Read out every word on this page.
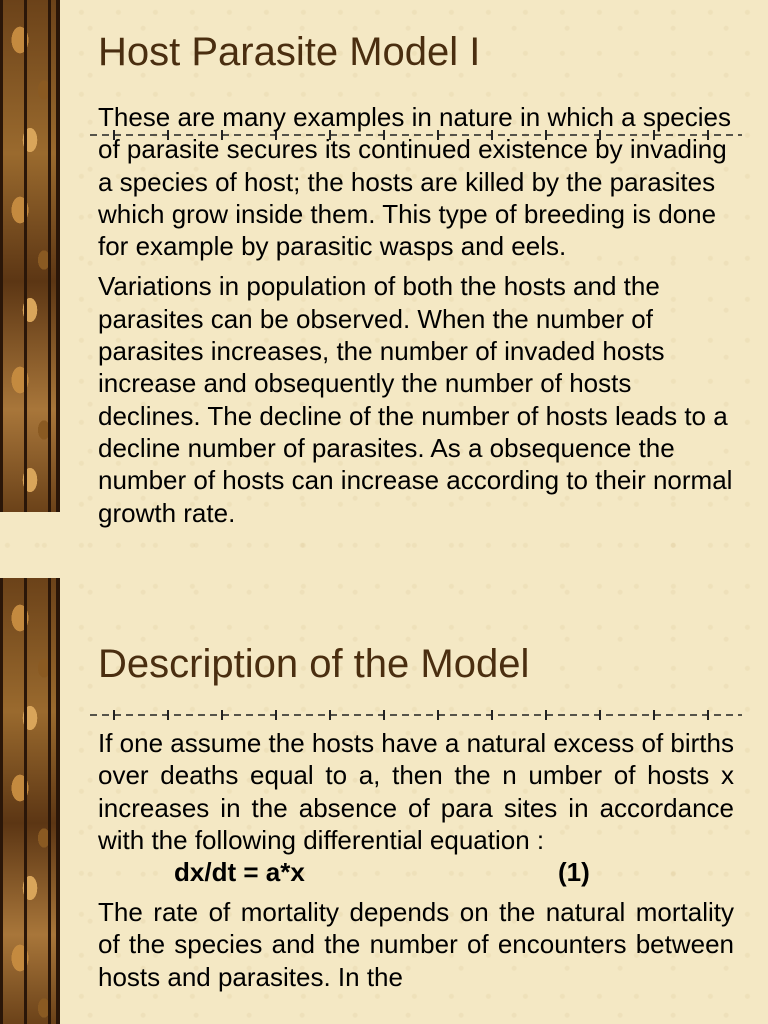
Host Parasite Model I

These are many examples in nature in which a species of parasite secures its continued existence by invading a species of host; the hosts are killed by the parasites which grow inside them. This type of breeding is done for example by parasitic wasps and eels.

Variations in population of both the hosts and the parasites can be observed. When the number of parasites increases, the number of invaded hosts increase and obsequently the number of hosts declines. The decline of the number of hosts leads to a decline number of parasites. As a obsequence the number of hosts can increase according to their normal growth rate.

Description of the Model

If one assume the hosts have a natural excess of births over deaths equal to a, then the n umber of hosts x increases in the absence of para sites in accordance with the following differential equation :

dx/dt = a*x	(1)

The rate of mortality depends on the natural mortality of the species and the number of encounters between hosts and parasites. In the
